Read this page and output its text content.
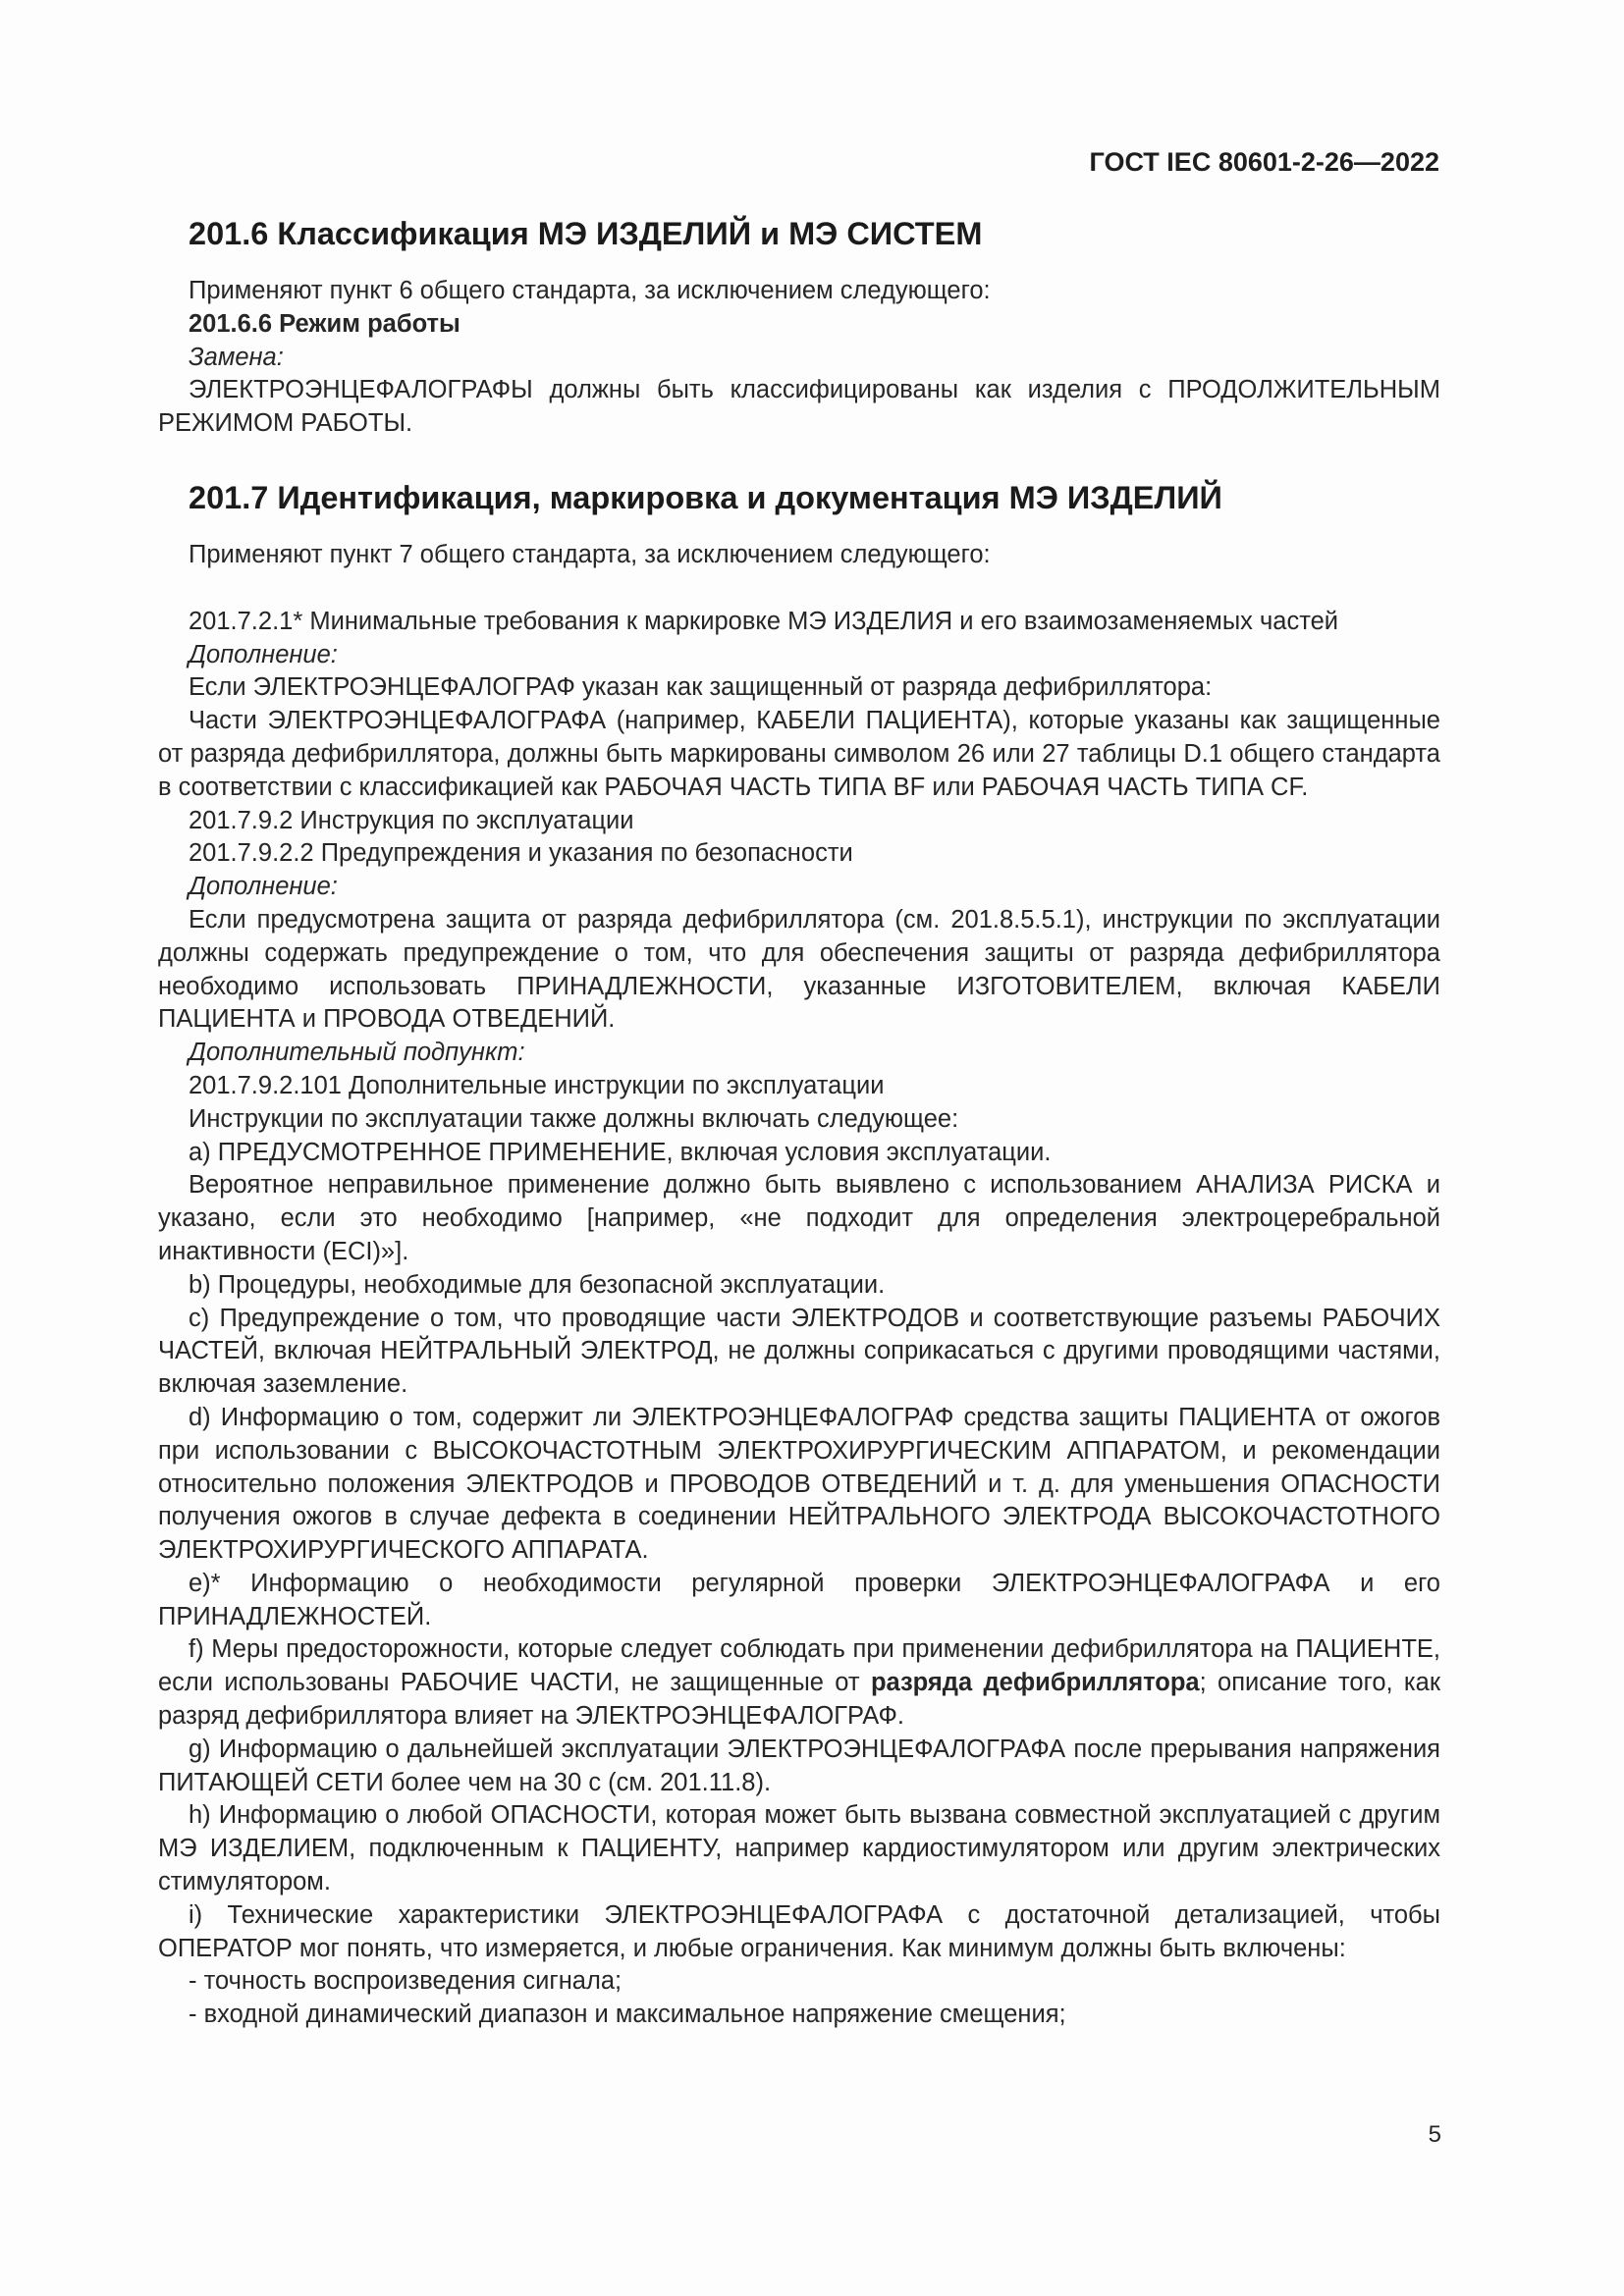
ГОСТ IEC 80601-2-26—2022
201.6 Классификация МЭ ИЗДЕЛИЙ и МЭ СИСТЕМ

Применяют пункт 6 общего стандарта, за исключением следующего:

201.6.6 Режим работы

Замена:

ЭЛЕКТРОЭНЦЕФАЛОГРАФЫ должны быть классифицированы как изделия с ПРОДОЛЖИТЕЛЬНЫМ РЕЖИМОМ РАБОТЫ.

201.7 Идентификация, маркировка и документация МЭ ИЗДЕЛИЙ

Применяют пункт 7 общего стандарта, за исключением следующего:

201.7.2.1* Минимальные требования к маркировке МЭ ИЗДЕЛИЯ и его взаимозаменяемых частей

Дополнение:

Если ЭЛЕКТРОЭНЦЕФАЛОГРАФ указан как защищенный от разряда дефибриллятора:

Части ЭЛЕКТРОЭНЦЕФАЛОГРАФА (например, КАБЕЛИ ПАЦИЕНТА), которые указаны как защищенные от разряда дефибриллятора, должны быть маркированы символом 26 или 27 таблицы D.1 общего стандарта в соответствии с классификацией как РАБОЧАЯ ЧАСТЬ ТИПА BF или РАБОЧАЯ ЧАСТЬ ТИПА CF.

201.7.9.2 Инструкция по эксплуатации

201.7.9.2.2 Предупреждения и указания по безопасности

Дополнение:

Если предусмотрена защита от разряда дефибриллятора (см. 201.8.5.5.1), инструкции по эксплуатации должны содержать предупреждение о том, что для обеспечения защиты от разряда дефибриллятора необходимо использовать ПРИНАДЛЕЖНОСТИ, указанные ИЗГОТОВИТЕЛЕМ, включая КАБЕЛИ ПАЦИЕНТА и ПРОВОДА ОТВЕДЕНИЙ.

Дополнительный подпункт:

201.7.9.2.101 Дополнительные инструкции по эксплуатации

Инструкции по эксплуатации также должны включать следующее:

а) ПРЕДУСМОТРЕННОЕ ПРИМЕНЕНИЕ, включая условия эксплуатации.

Вероятное неправильное применение должно быть выявлено с использованием АНАЛИЗА РИСКА и указано, если это необходимо [например, «не подходит для определения электроцеребральной инактивности (ECI)»].

b) Процедуры, необходимые для безопасной эксплуатации.

c) Предупреждение о том, что проводящие части ЭЛЕКТРОДОВ и соответствующие разъемы РАБОЧИХ ЧАСТЕЙ, включая НЕЙТРАЛЬНЫЙ ЭЛЕКТРОД, не должны соприкасаться с другими проводящими частями, включая заземление.

d) Информацию о том, содержит ли ЭЛЕКТРОЭНЦЕФАЛОГРАФ средства защиты ПАЦИЕНТА от ожогов при использовании с ВЫСОКОЧАСТОТНЫМ ЭЛЕКТРОХИРУРГИЧЕСКИМ АППАРАТОМ, и рекомендации относительно положения ЭЛЕКТРОДОВ и ПРОВОДОВ ОТВЕДЕНИЙ и т. д. для уменьшения ОПАСНОСТИ получения ожогов в случае дефекта в соединении НЕЙТРАЛЬНОГО ЭЛЕКТРОДА ВЫСОКОЧАСТОТНОГО ЭЛЕКТРОХИРУРГИЧЕСКОГО АППАРАТА.

е)* Информацию о необходимости регулярной проверки ЭЛЕКТРОЭНЦЕФАЛОГРАФА и его ПРИНАДЛЕЖНОСТЕЙ.

f) Меры предосторожности, которые следует соблюдать при применении дефибриллятора на ПАЦИЕНТЕ, если использованы РАБОЧИЕ ЧАСТИ, не защищенные от разряда дефибриллятора; описание того, как разряд дефибриллятора влияет на ЭЛЕКТРОЭНЦЕФАЛОГРАФ.

g) Информацию о дальнейшей эксплуатации ЭЛЕКТРОЭНЦЕФАЛОГРАФА после прерывания напряжения ПИТАЮЩЕЙ СЕТИ более чем на 30 с (см. 201.11.8).

h) Информацию о любой ОПАСНОСТИ, которая может быть вызвана совместной эксплуатацией с другим МЭ ИЗДЕЛИЕМ, подключенным к ПАЦИЕНТУ, например кардиостимулятором или другим электрических стимулятором.

i) Технические характеристики ЭЛЕКТРОЭНЦЕФАЛОГРАФА с достаточной детализацией, чтобы ОПЕРАТОР мог понять, что измеряется, и любые ограничения. Как минимум должны быть включены:

- точность воспроизведения сигнала;

- входной динамический диапазон и максимальное напряжение смещения;

5
